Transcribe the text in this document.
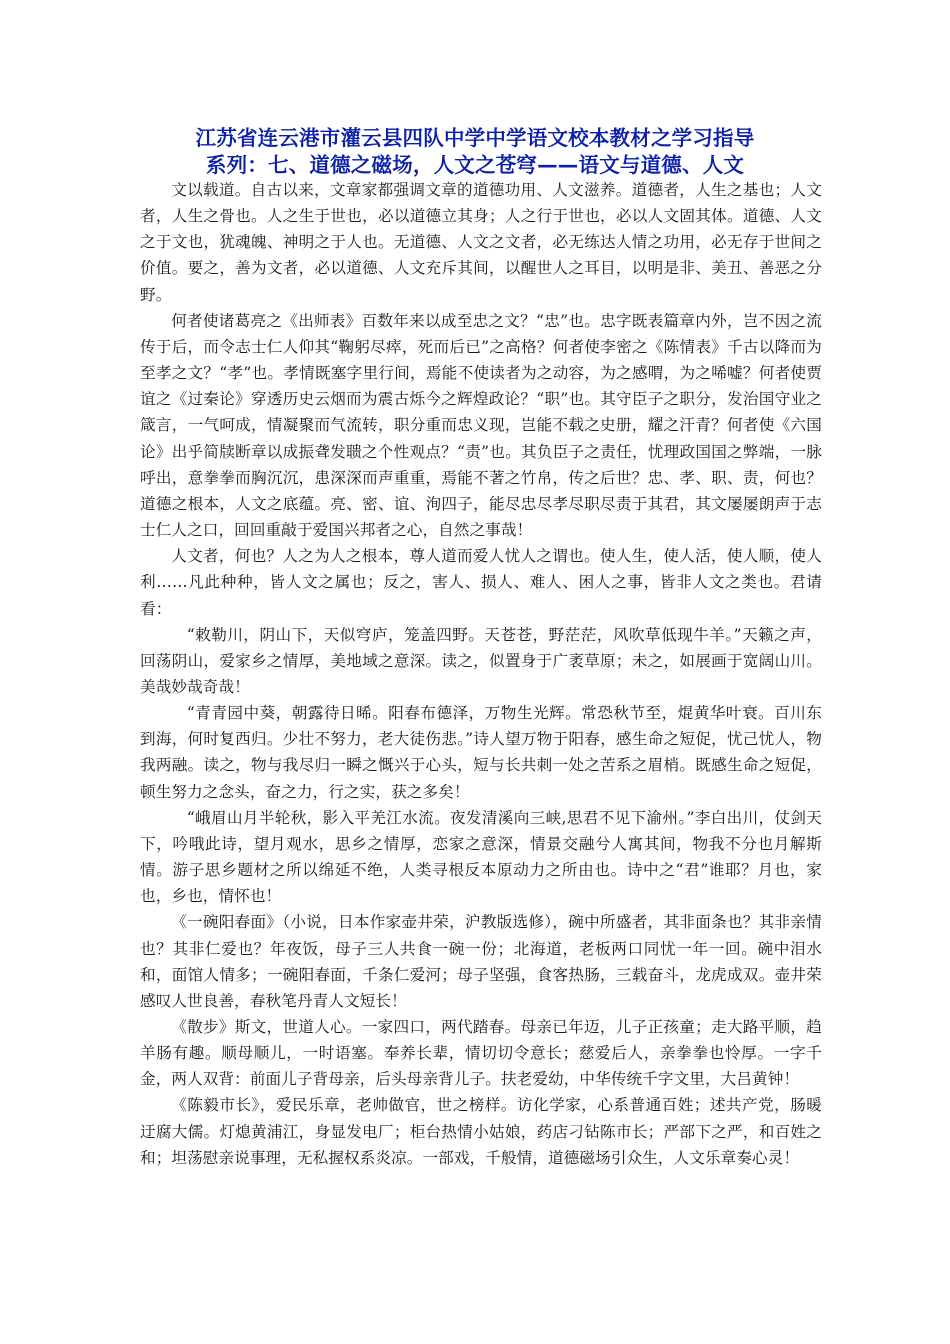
江苏省连云港市灌云县四队中学中学语文校本教材之学习指导
系列：七、道德之磁场，人文之苍穹——语文与道德、人文

文以载道。自古以来，文章家都强调文章的道德功用、人文滋养。道德者，人生之基也；人文者，人生之骨也。人之生于世也，必以道德立其身；人之行于世也，必以人文固其体。道德、人文之于文也，犹魂魄、神明之于人也。无道德、人文之文者，必无练达人情之功用，必无存于世间之价值。要之，善为文者，必以道德、人文充斥其间，以醒世人之耳目，以明是非、美丑、善恶之分野。

何者使诸葛亮之《出师表》百数年来以成至忠之文？“忠”也。忠字既表篇章内外，岂不因之流传于后，而令志士仁人仰其“鞠躬尽瘁，死而后已”之高格？何者使李密之《陈情表》千古以降而为至孝之文？“孝”也。孝情既塞字里行间，焉能不使读者为之动容，为之感喟，为之唏嘘？何者使贾谊之《过秦论》穿透历史云烟而为震古烁今之辉煌政论？“职”也。其守臣子之职分，发治国守业之箴言，一气呵成，情凝聚而气流转，职分重而忠义现，岂能不载之史册，耀之汗青？何者使《六国论》出乎简牍断章以成振聋发聩之个性观点？“责”也。其负臣子之责任，忧理政国国之弊端，一脉呼出，意拳拳而胸沉沉，患深深而声重重，焉能不著之竹帛，传之后世？忠、孝、职、责，何也？道德之根本，人文之底蕴。亮、密、谊、洵四子，能尽忠尽孝尽职尽责于其君，其文屡屡朗声于志士仁人之口，回回重敲于爱国兴邦者之心，自然之事哉！

人文者，何也？人之为人之根本，尊人道而爱人忧人之谓也。使人生，使人活，使人顺，使人利……凡此种种，皆人文之属也；反之，害人、损人、难人、困人之事，皆非人文之类也。君请看：

“敕勒川，阴山下，天似穹庐，笼盖四野。天苍苍，野茫茫，风吹草低现牛羊。”天籁之声，回荡阴山，爱家乡之情厚，美地域之意深。读之，似置身于广袤草原；未之，如展画于宽阔山川。美哉妙哉奇哉！

“青青园中葵，朝露待日晞。阳春布德泽，万物生光辉。常恐秋节至，焜黄华叶衰。百川东到海，何时复西归。少壮不努力，老大徒伤悲。”诗人望万物于阳春，感生命之短促，忧己忧人，物我两融。读之，物与我尽归一瞬之慨兴于心头，短与长共刺一处之苦系之眉梢。既感生命之短促，顿生努力之念头，奋之力，行之实，获之多矣！

“峨眉山月半轮秋，影入平羌江水流。夜发清溪向三峡,思君不见下渝州。”李白出川，仗剑天下，吟哦此诗，望月观水，思乡之情厚，恋家之意深，情景交融兮人寓其间，物我不分也月解斯情。游子思乡题材之所以绵延不绝，人类寻根反本原动力之所由也。诗中之“君”谁耶？月也，家也，乡也，情怀也！

《一碗阳春面》（小说，日本作家壶井荣，沪教版选修），碗中所盛者，其非面条也？其非亲情也？其非仁爱也？年夜饭，母子三人共食一碗一份；北海道，老板两口同忧一年一回。碗中泪水和，面馆人情多；一碗阳春面，千条仁爱河；母子坚强，食客热肠，三载奋斗，龙虎成双。壶井荣感叹人世良善，春秋笔丹青人文短长！

《散步》斯文，世道人心。一家四口，两代踏春。母亲已年迈，儿子正孩童；走大路平顺，趋羊肠有趣。顺母顺儿，一时语塞。奉养长辈，情切切令意长；慈爱后人，亲拳拳也怜厚。一字千金，两人双背：前面儿子背母亲，后头母亲背儿子。扶老爱幼，中华传统千字文里，大吕黄钟！

《陈毅市长》，爱民乐章，老帅做官，世之榜样。访化学家，心系普通百姓；述共产党，肠暖迂腐大儒。灯熄黄浦江，身显发电厂；柜台热情小姑娘，药店刁钻陈市长；严部下之严，和百姓之和；坦荡慰亲说事理，无私握权系炎凉。一部戏，千般情，道德磁场引众生，人文乐章奏心灵！
